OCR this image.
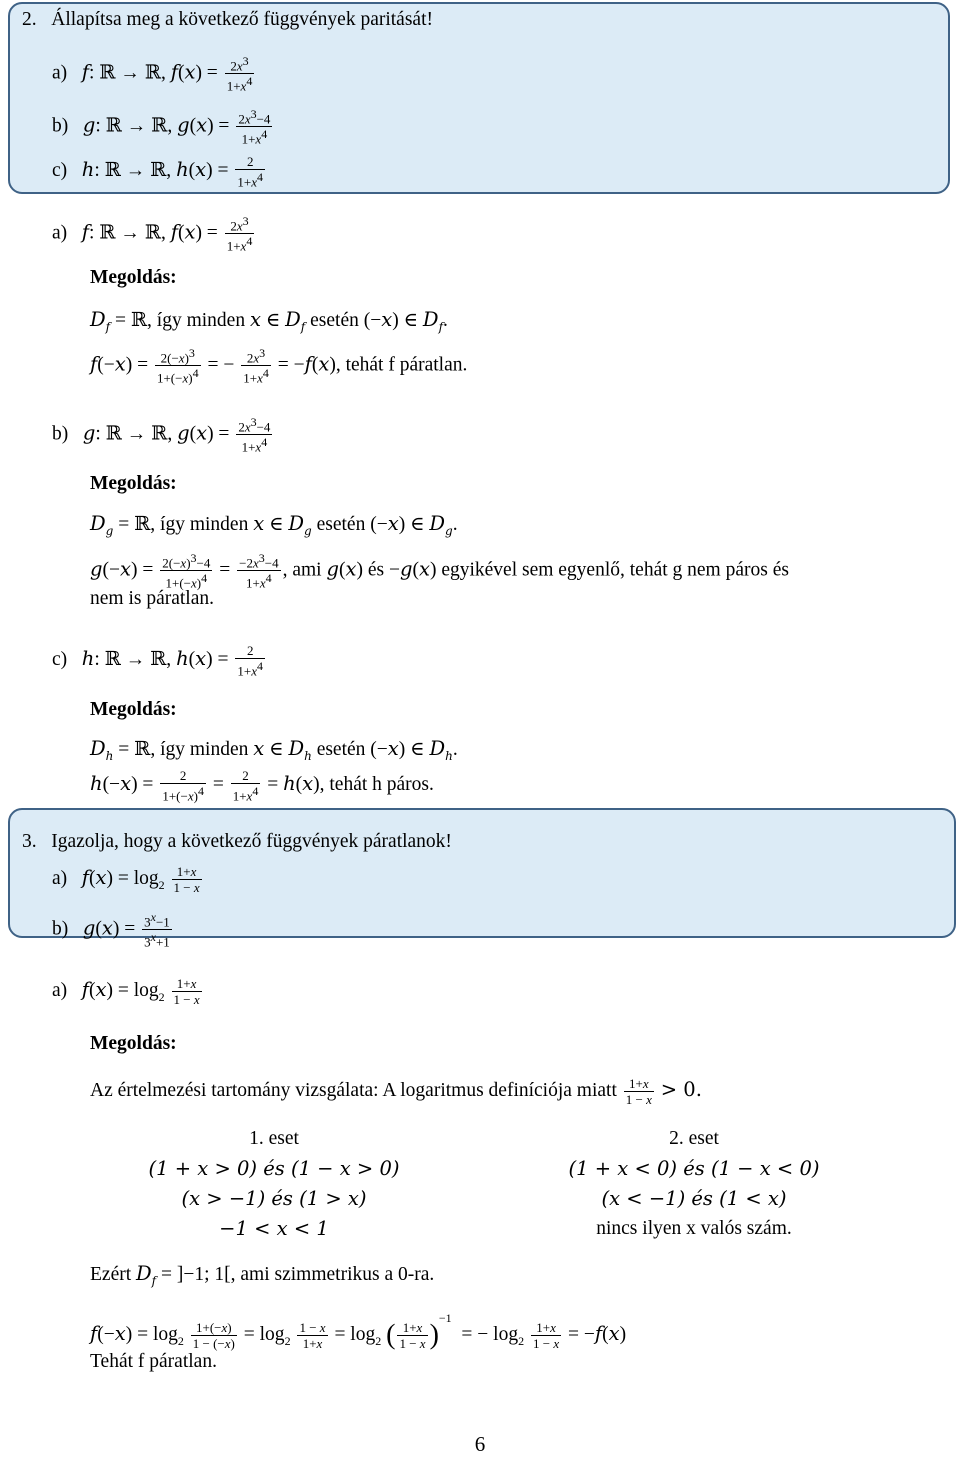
2. Állapítsa meg a következő függvények paritását!
a) f: ℝ → ℝ, $f(x) = \frac{2x^3}{1+x^4}$
b) g: ℝ → ℝ, $g(x) = \frac{2x^3-4}{1+x^4}$
c) h: ℝ → ℝ, $h(x) = \frac{2}{1+x^4}$
a) f: ℝ → ℝ, $f(x) = \frac{2x^3}{1+x^4}$
Megoldás:
$D_f$ = ℝ, így minden x ∈ $D_f$ esetén (−x) ∈ $D_f$.
$f(-x) = \frac{2(-x)^3}{1+(-x)^4}$ = − $\frac{2x^3}{1+x^4} = -f(x)$, tehát f páratlan.
b) g: ℝ → ℝ, $g(x) = \frac{2x^3-4}{1+x^4}$
Megoldás:
$D_g$ = ℝ, így minden x ∈ $D_g$ esetén (−x) ∈ $D_g$.
$g(-x) = \frac{2(-x)^3-4}{1+(-x)^4} = \frac{-2x^3-4}{1+x^4}$ , ami g(x) és −g(x) egyikével sem egyenlő, tehát g nem páros és
nem is páratlan.
c) h: ℝ → ℝ, $h(x) = \frac{2}{1+x^4}$
Megoldás:
$D_h$ = ℝ, így minden x ∈ $D_h$ esetén (−x) ∈ $D_h$.
$h(-x) = \frac{2}{1+(-x)^4} = \frac{2}{1+x^4} = h(x)$, tehát h páros.
3. Igazolja, hogy a következő függvények páratlanok!
a) $f(x) = \log_2 \frac{1+x}{1 - x}$
b) $g(x) = \frac{3^x-1}{3^x+1}$
a) $f(x) = \log_2 \frac{1+x}{1 - x}$
Megoldás:
Az értelmezési tartomány vizsgálata: A logaritmus definíciója miatt $\frac{1+x}{1 - x} > 0$.
1. eset
(1 + x > 0) és (1 − x > 0)
(x > −1) és (1 > x)
−1 < x < 1
2. eset
(1 + x < 0) és (1 − x < 0)
(x < −1) és (1 < x)
nincs ilyen x valós szám.
Ezért $D_f = ]-1$; 1[, ami szimmetrikus a 0-ra.
$f(-x) = \log_2 \frac{1+(-x)}{1 - (-x)} = \log_2 \frac{1 - x}{1+x} = \log_2$ ( $\frac{1+x}{1 - x} )^{-1}$  = − $\log_2 \frac{1+x}{1 - x} = -f(x)$
Tehát f páratlan.
6
